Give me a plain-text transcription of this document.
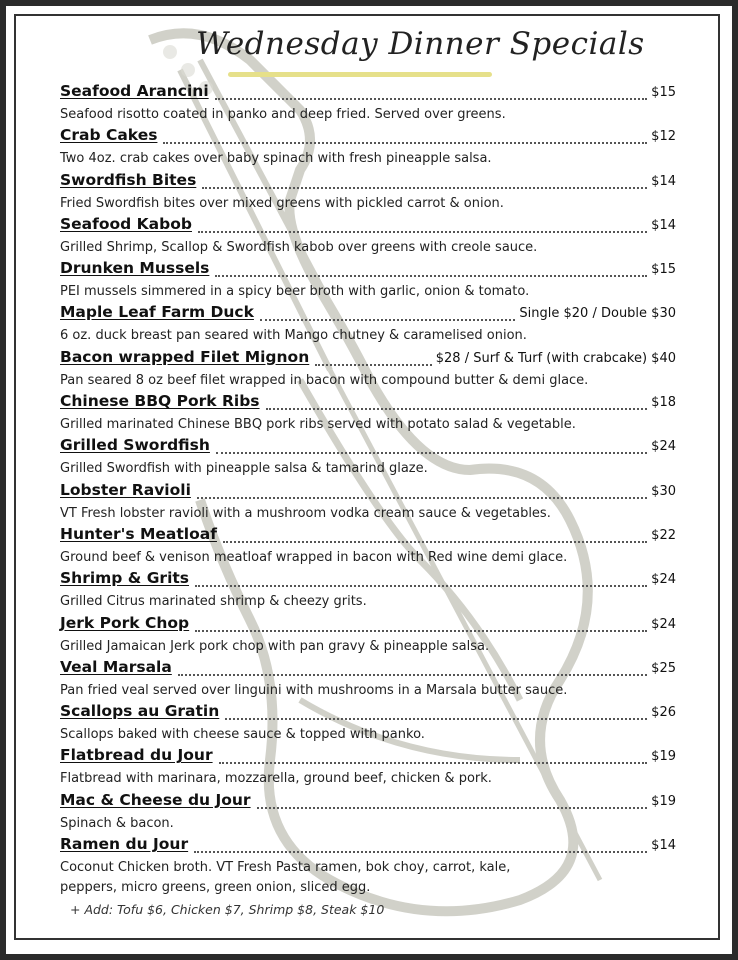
Wednesday Dinner Specials
Seafood Arancini	$15
Seafood risotto coated in panko and deep fried. Served over greens.
Crab Cakes	$12
Two 4oz. crab cakes over baby spinach with fresh pineapple salsa.
Swordfish Bites	$14
Fried Swordfish bites over mixed greens with pickled carrot & onion.
Seafood Kabob	$14
Grilled Shrimp, Scallop & Swordfish kabob over greens with creole sauce.
Drunken Mussels	$15
PEI mussels simmered in a spicy beer broth with garlic, onion & tomato.
Maple Leaf Farm Duck	Single $20 / Double $30
6 oz. duck breast pan seared with Mango chutney & caramelised onion.
Bacon wrapped Filet Mignon	$28 / Surf & Turf (with crabcake) $40
Pan seared 8 oz beef filet wrapped in bacon with compound butter & demi glace.
Chinese BBQ Pork Ribs	$18
Grilled marinated Chinese BBQ pork ribs served with potato salad & vegetable.
Grilled Swordfish	$24
Grilled Swordfish with pineapple salsa & tamarind glaze.
Lobster Ravioli	$30
VT Fresh lobster ravioli with a mushroom vodka cream sauce & vegetables.
Hunter's Meatloaf	$22
Ground beef & venison meatloaf wrapped in bacon with Red wine demi glace.
Shrimp & Grits	$24
Grilled Citrus marinated shrimp & cheezy grits.
Jerk Pork Chop	$24
Grilled Jamaican Jerk pork chop with pan gravy & pineapple salsa.
Veal Marsala	$25
Pan fried veal served over linguini with mushrooms in a Marsala butter sauce.
Scallops au Gratin	$26
Scallops baked with cheese sauce & topped with panko.
Flatbread du Jour	$19
Flatbread with marinara, mozzarella, ground beef, chicken & pork.
Mac & Cheese du Jour	$19
Spinach & bacon.
Ramen du Jour	$14
Coconut Chicken broth. VT Fresh Pasta ramen, bok choy, carrot, kale,
peppers, micro greens, green onion, sliced egg.
+ Add: Tofu $6, Chicken $7, Shrimp $8, Steak $10
